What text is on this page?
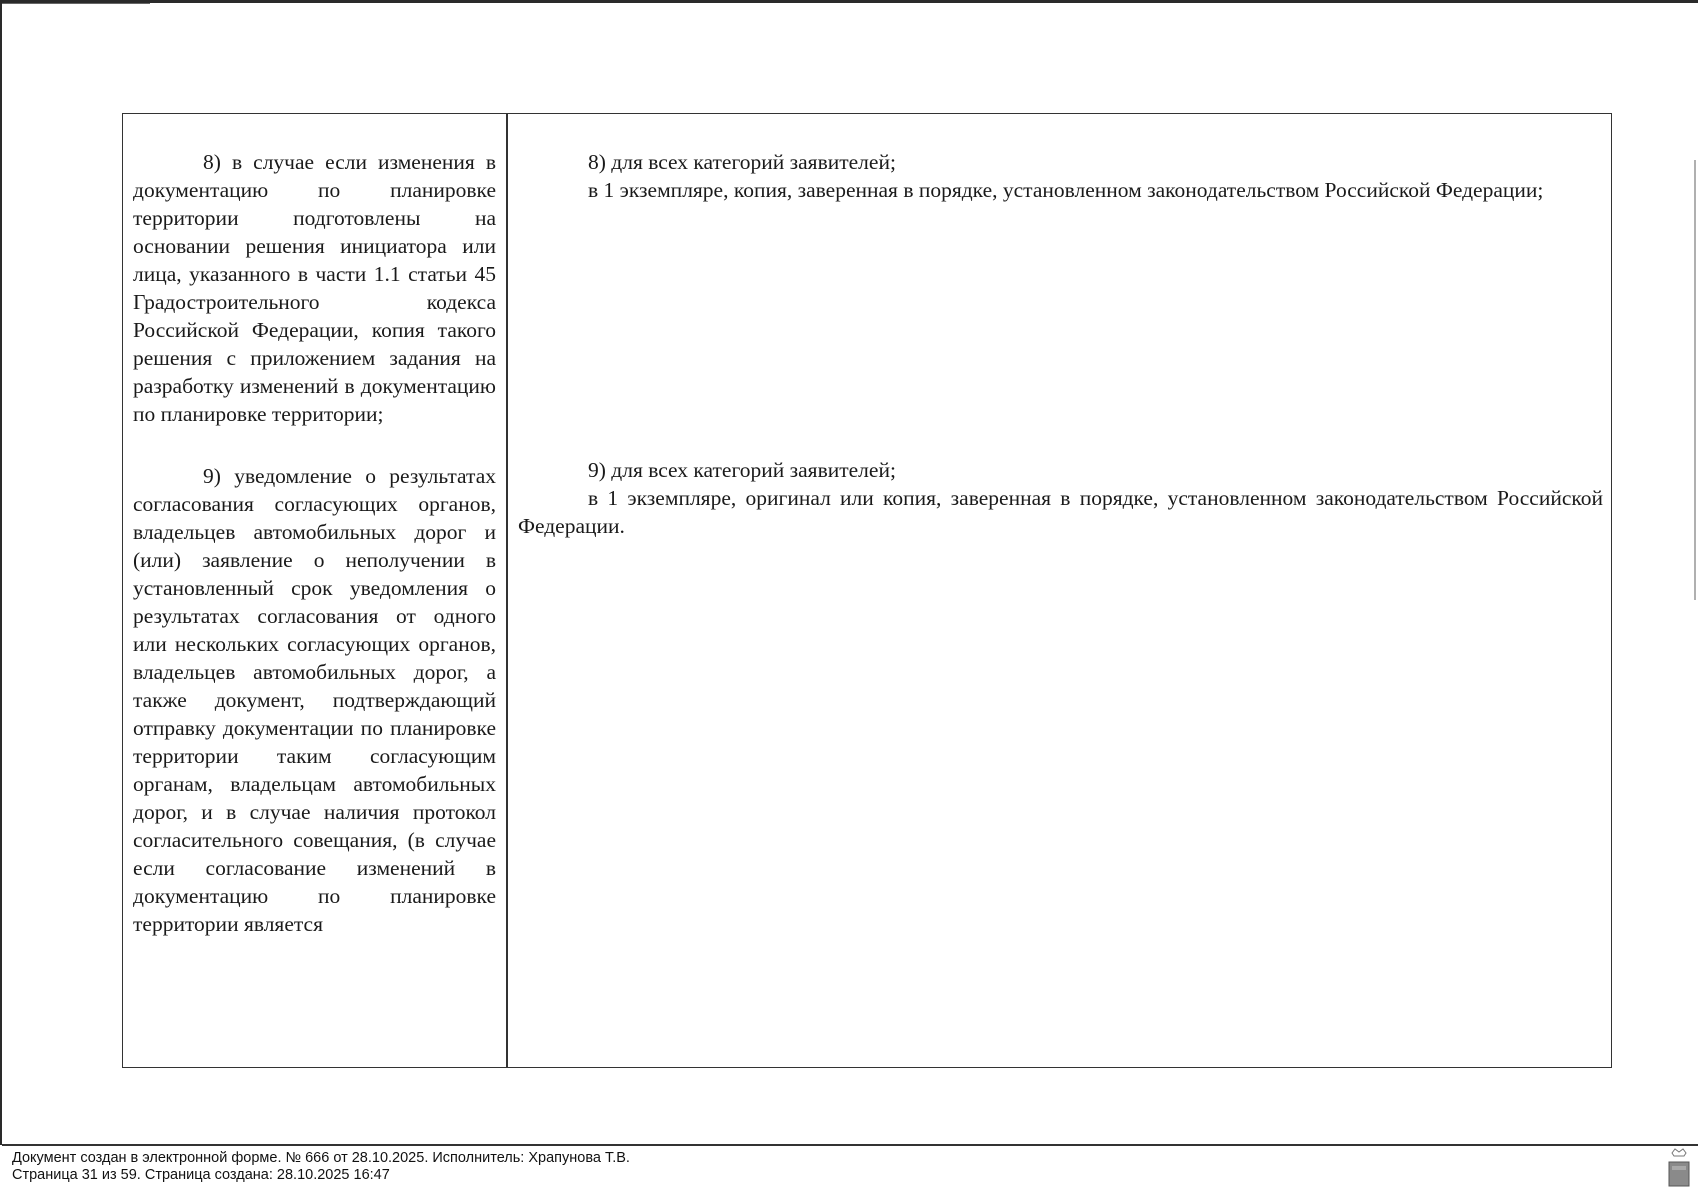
8) в случае если изменения в документацию по планировке территории подготовлены на основании решения инициатора или лица, указанного в части 1.1 статьи 45 Градостроительного кодекса Российской Федерации, копия такого решения с приложением задания на разработку изменений в документацию по планировке территории;

9) уведомление о результатах согласования согласующих органов, владельцев автомобильных дорог и (или) заявление о неполучении в установленный срок уведомления о результатах согласования от одного или нескольких согласующих органов, владельцев автомобильных дорог, а также документ, подтверждающий отправку документации по планировке территории таким согласующим органам, владельцам автомобильных дорог, и в случае наличия протокол согласительного совещания, (в случае если согласование изменений в документацию по планировке территории является

8) для всех категорий заявителей;

в 1 экземпляре, копия, заверенная в порядке, установленном законодательством Российской Федерации;

9) для всех категорий заявителей;

в 1 экземпляре, оригинал или копия, заверенная в порядке, установленном законодательством Российской Федерации.

Документ создан в электронной форме. № 666 от 28.10.2025. Исполнитель: Храпунова Т.В.
Страница 31 из 59. Страница создана: 28.10.2025 16:47
